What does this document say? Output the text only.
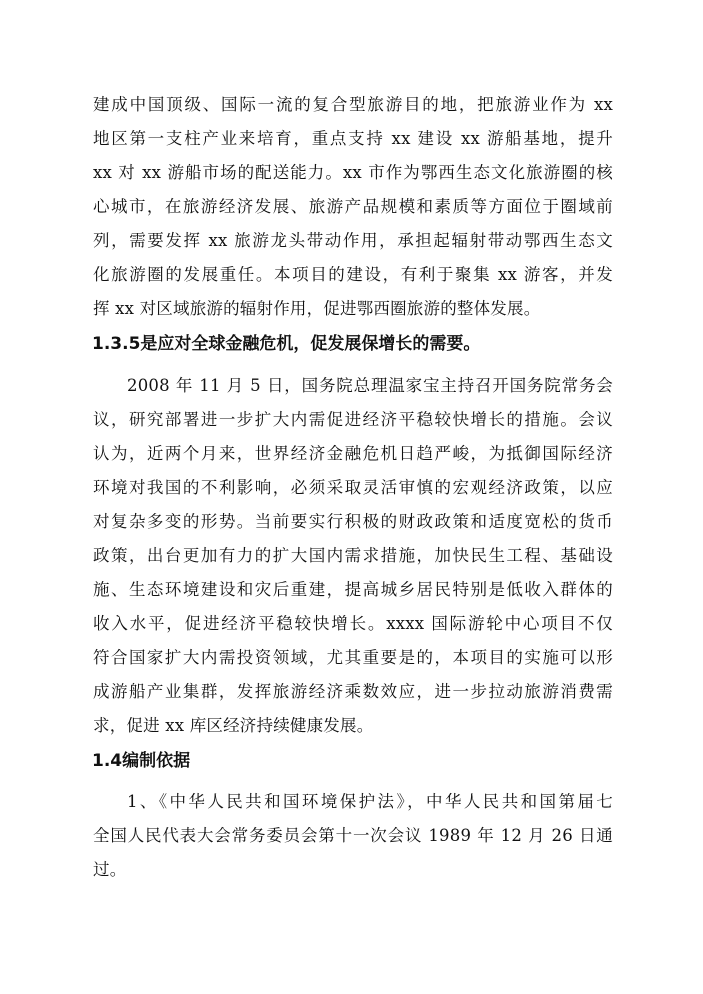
建成中国顶级、国际一流的复合型旅游目的地，把旅游业作为 xx
地区第一支柱产业来培育，重点支持 xx 建设 xx 游船基地，提升
xx 对 xx 游船市场的配送能力。xx 市作为鄂西生态文化旅游圈的核
心城市，在旅游经济发展、旅游产品规模和素质等方面位于圈域前
列，需要发挥 xx 旅游龙头带动作用，承担起辐射带动鄂西生态文
化旅游圈的发展重任。本项目的建设，有利于聚集 xx 游客，并发
挥 xx 对区域旅游的辐射作用，促进鄂西圈旅游的整体发展。
1.3.5是应对全球金融危机，促发展保增长的需要。
2008 年 11 月 5 日，国务院总理温家宝主持召开国务院常务会
议，研究部署进一步扩大内需促进经济平稳较快增长的措施。会议
认为，近两个月来，世界经济金融危机日趋严峻，为抵御国际经济
环境对我国的不利影响，必须采取灵活审慎的宏观经济政策，以应
对复杂多变的形势。当前要实行积极的财政政策和适度宽松的货币
政策，出台更加有力的扩大国内需求措施，加快民生工程、基础设
施、生态环境建设和灾后重建，提高城乡居民特别是低收入群体的
收入水平，促进经济平稳较快增长。xxxx 国际游轮中心项目不仅
符合国家扩大内需投资领域，尤其重要是的，本项目的实施可以形
成游船产业集群，发挥旅游经济乘数效应，进一步拉动旅游消费需
求，促进 xx 库区经济持续健康发展。
1.4编制依据
1、《中华人民共和国环境保护法》，中华人民共和国第届七
全国人民代表大会常务委员会第十一次会议 1989 年 12 月 26 日通
过。
